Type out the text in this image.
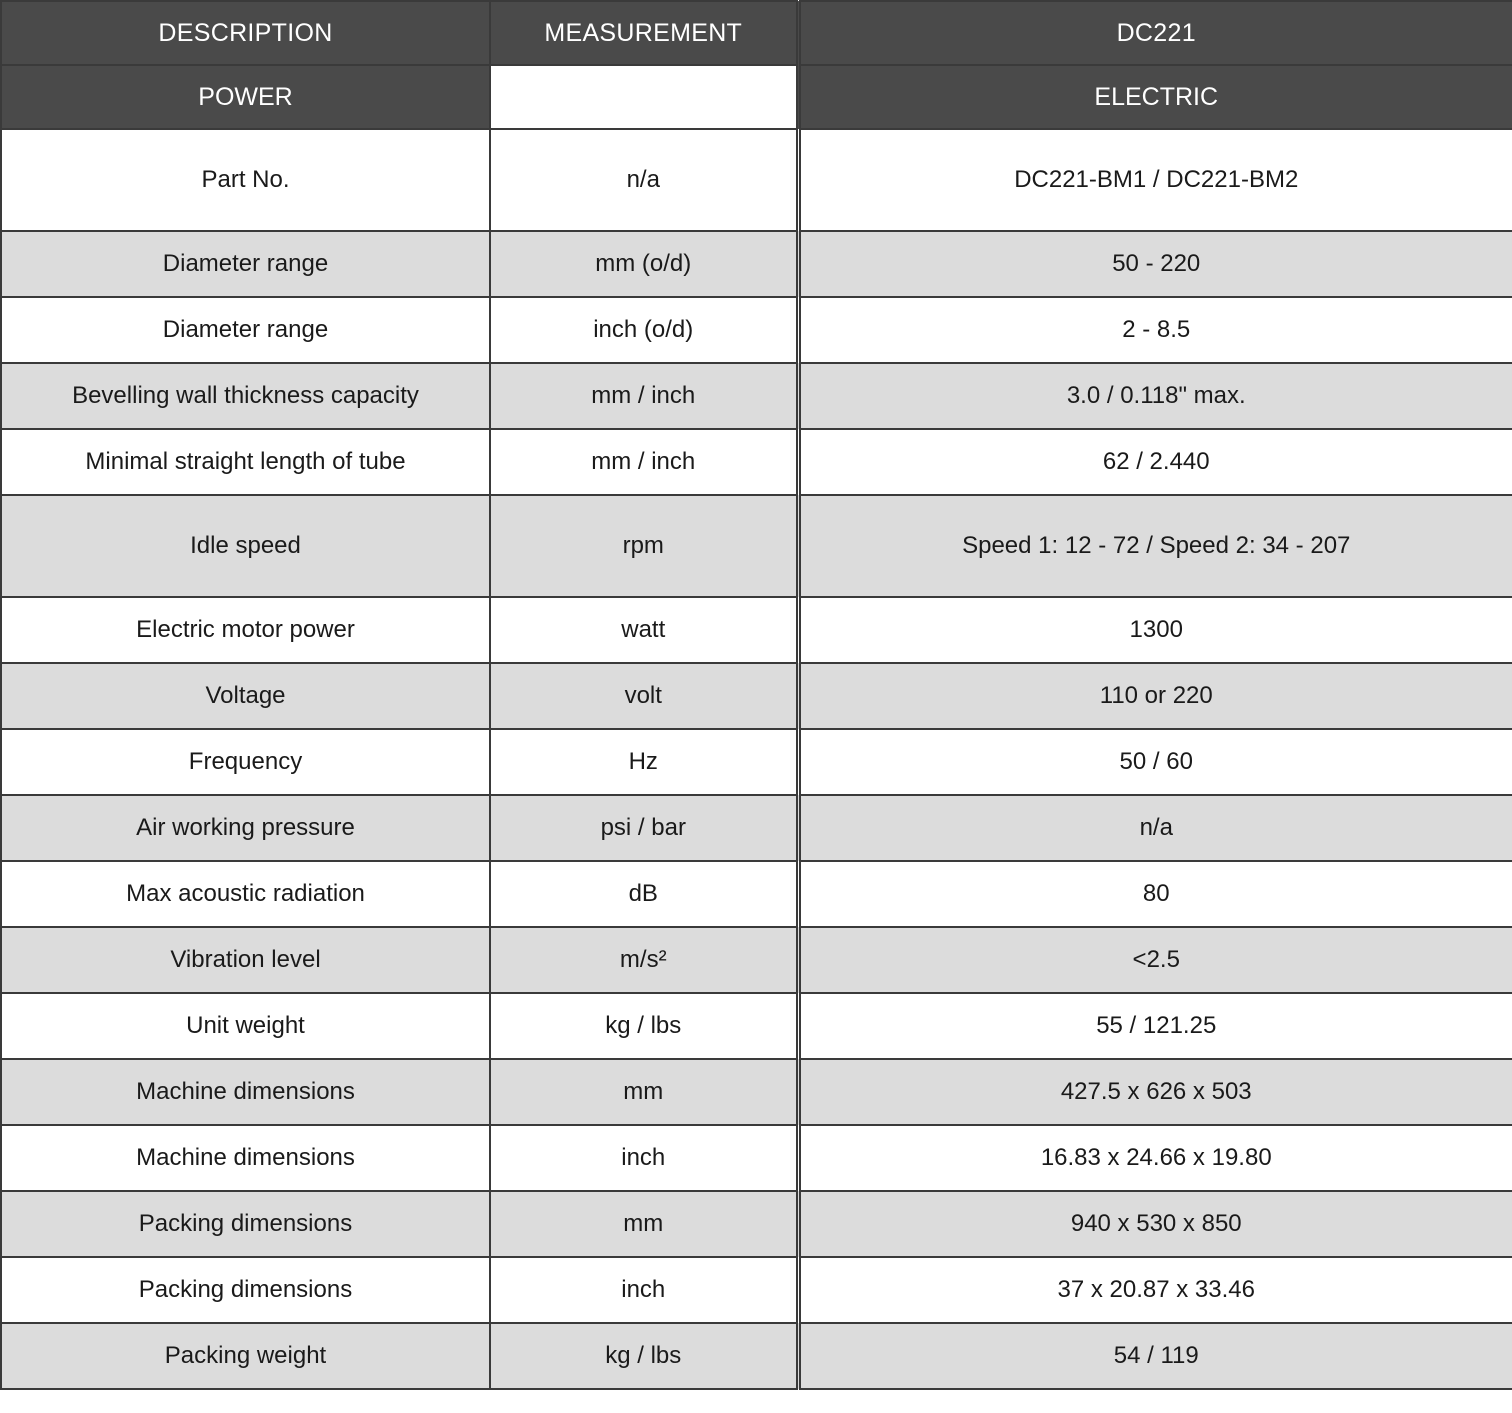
DESCRIPTION	MEASUREMENT	DC221
POWER		ELECTRIC
Part No.	n/a	DC221-BM1 / DC221-BM2
Diameter range	mm (o/d)	50 - 220
Diameter range	inch (o/d)	2 - 8.5
Bevelling wall thickness capacity	mm / inch	3.0 / 0.118" max.
Minimal straight length of tube	mm / inch	62 / 2.440
Idle speed	rpm	Speed 1: 12 - 72 / Speed 2: 34 - 207
Electric motor power	watt	1300
Voltage	volt	110 or 220
Frequency	Hz	50 / 60
Air working pressure	psi / bar	n/a
Max acoustic radiation	dB	80
Vibration level	m/s²	<2.5
Unit weight	kg / lbs	55 / 121.25
Machine dimensions	mm	427.5 x 626 x 503
Machine dimensions	inch	16.83 x 24.66 x 19.80
Packing dimensions	mm	940 x 530 x 850
Packing dimensions	inch	37 x 20.87 x 33.46
Packing weight	kg / lbs	54 / 119
